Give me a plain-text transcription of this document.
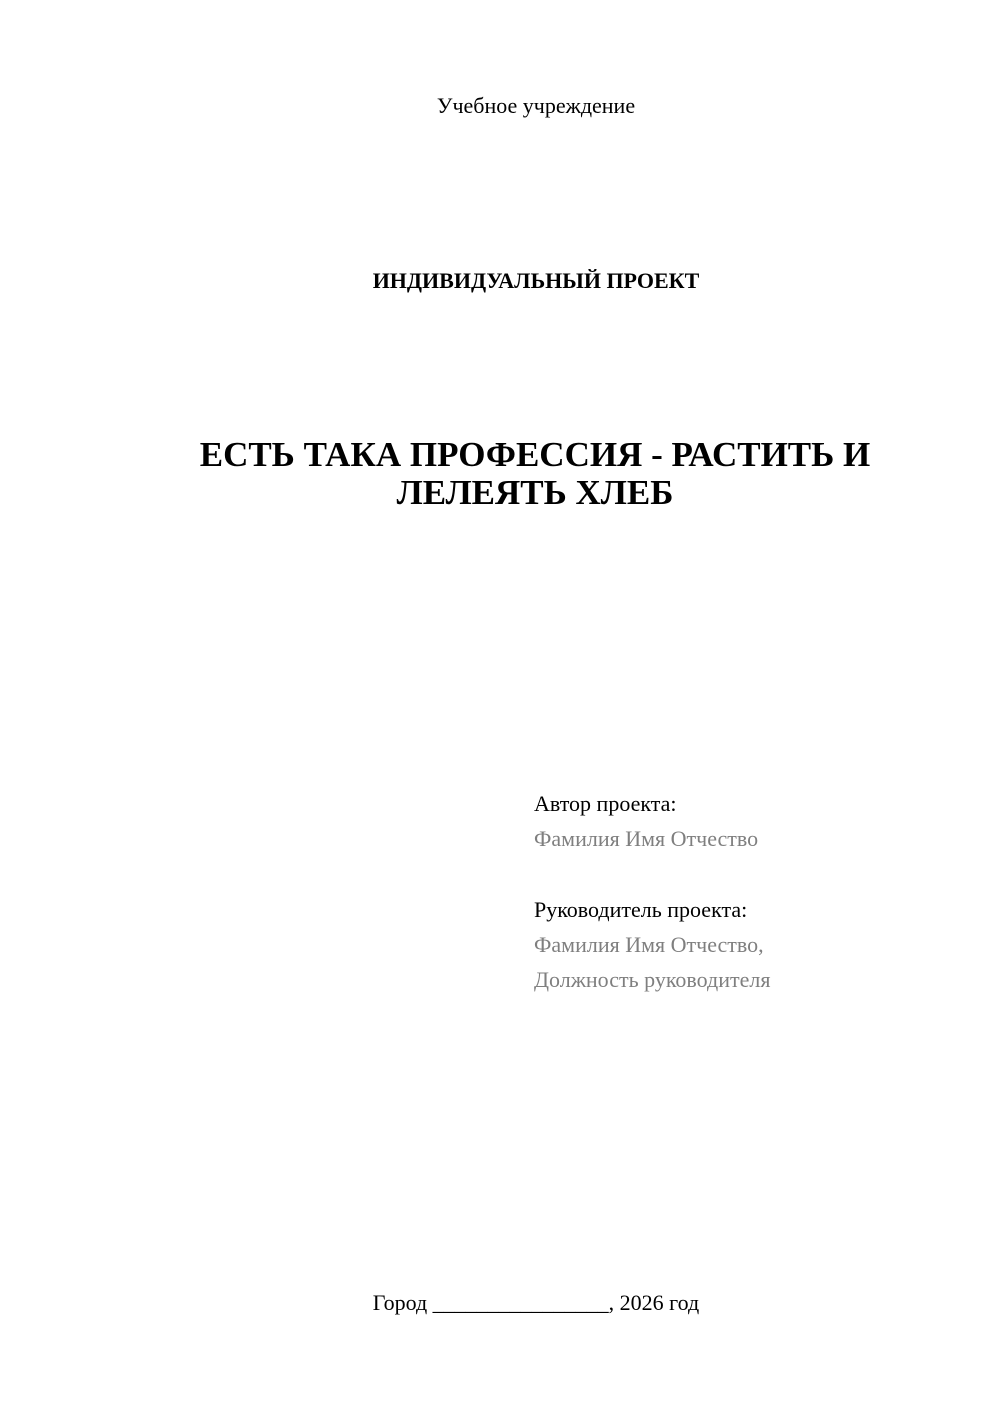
Учебное учреждение
ИНДИВИДУАЛЬНЫЙ ПРОЕКТ
ЕСТЬ ТАКА ПРОФЕССИЯ - РАСТИТЬ И
ЛЕЛЕЯТЬ ХЛЕБ
Автор проекта:
Фамилия Имя Отчество
Руководитель проекта:
Фамилия Имя Отчество,
Должность руководителя
Город ________________, 2026 год
